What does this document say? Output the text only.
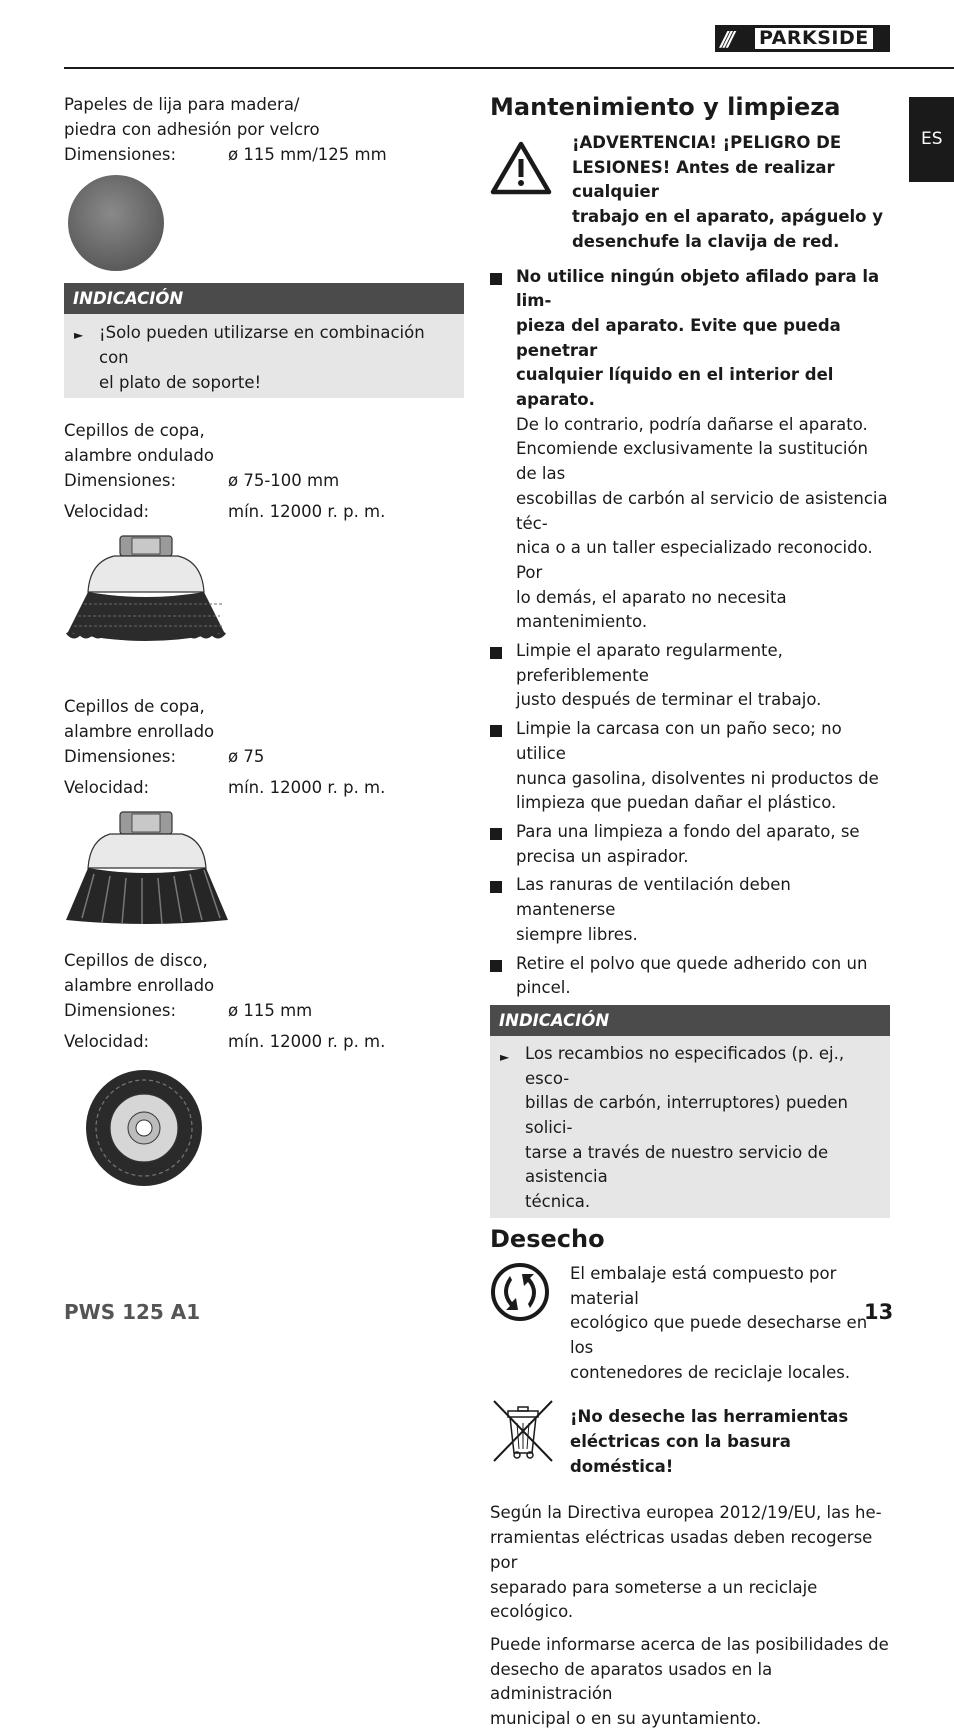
///	PARKSIDE
ES
Papeles de lija para madera/
piedra con adhesión por velcro
Dimensiones:	ø 115 mm/125 mm
INDICACIÓN
► ¡Solo pueden utilizarse en combinación con
el plato de soporte!
Cepillos de copa,
alambre ondulado
Dimensiones:	ø 75-100 mm
Velocidad:	mín. 12000 r. p. m.
Cepillos de copa,
alambre enrollado
Dimensiones:	ø 75
Velocidad:	mín. 12000 r. p. m.
Cepillos de disco,
alambre enrollado
Dimensiones:	ø 115 mm
Velocidad:	mín. 12000 r. p. m.
Mantenimiento y limpieza
¡ADVERTENCIA! ¡PELIGRO DE
LESIONES! Antes de realizar cualquier
trabajo en el aparato, apáguelo y
desenchufe la clavija de red.
No utilice ningún objeto afilado para la lim-
pieza del aparato. Evite que pueda penetrar
cualquier líquido en el interior del aparato.
De lo contrario, podría dañarse el aparato.
Encomiende exclusivamente la sustitución de las
escobillas de carbón al servicio de asistencia téc-
nica o a un taller especializado reconocido. Por
lo demás, el aparato no necesita mantenimiento.
Limpie el aparato regularmente, preferiblemente
justo después de terminar el trabajo.
Limpie la carcasa con un paño seco; no utilice
nunca gasolina, disolventes ni productos de
limpieza que puedan dañar el plástico.
Para una limpieza a fondo del aparato, se
precisa un aspirador.
Las ranuras de ventilación deben mantenerse
siempre libres.
Retire el polvo que quede adherido con un
pincel.
INDICACIÓN
► Los recambios no especificados (p. ej., esco-
billas de carbón, interruptores) pueden solici-
tarse a través de nuestro servicio de asistencia
técnica.
Desecho
El embalaje está compuesto por material
ecológico que puede desecharse en los
contenedores de reciclaje locales.
¡No deseche las herramientas
eléctricas con la basura doméstica!
Según la Directiva europea 2012/19/EU, las he-
rramientas eléctricas usadas deben recogerse por
separado para someterse a un reciclaje ecológico.
Puede informarse acerca de las posibilidades de
desecho de aparatos usados en la administración
municipal o en su ayuntamiento.
PWS 125 A1	13
